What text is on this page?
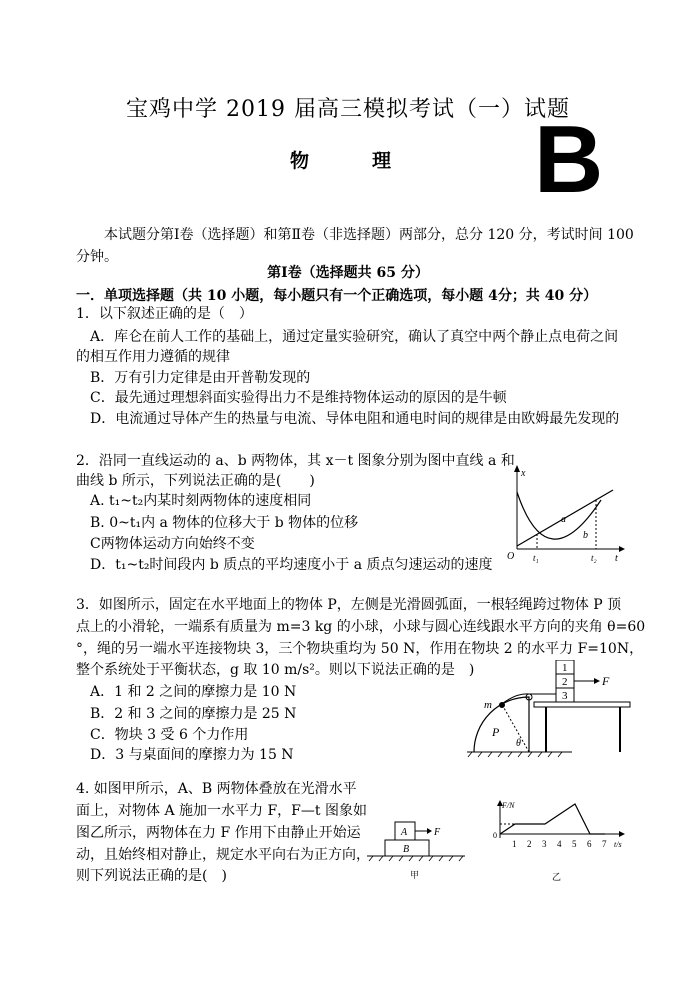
宝鸡中学 2019 届高三模拟考试（一）试题
物　理 B
本试题分第Ⅰ卷（选择题）和第Ⅱ卷（非选择题）两部分，总分 120 分，考试时间 100 分钟。
第Ⅰ卷（选择题共 65 分）
一．单项选择题（共 10 小题，每小题只有一个正确选项，每小题 4分；共 40 分）
1．以下叙述正确的是（　）
A．库仑在前人工作的基础上，通过定量实验研究，确认了真空中两个静止点电荷之间
的相互作用力遵循的规律
B．万有引力定律是由开普勒发现的
C．最先通过理想斜面实验得出力不是维持物体运动的原因的是牛顿
D．电流通过导体产生的热量与电流、导体电阻和通电时间的规律是由欧姆最先发现的
2．沿同一直线运动的 a、b 两物体，其 x－t 图象分别为图中直线 a 和
曲线 b 所示，下列说法正确的是(　　)
A. t₁~t₂内某时刻两物体的速度相同
B. 0~t₁内 a 物体的位移大于 b 物体的位移
C两物体运动方向始终不变
D．t₁~t₂时间段内 b 质点的平均速度小于 a 质点匀速运动的速度
x
t
O t₁	t₂
a
b
3．如图所示，固定在水平地面上的物体 P，左侧是光滑圆弧面，一根轻绳跨过物体 P 顶
点上的小滑轮，一端系有质量为 m=3 kg 的小球，小球与圆心连线跟水平方向的夹角 θ=60
°，绳的另一端水平连接物块 3，三个物块重均为 50 N，作用在物块 2 的水平力 F=10N，
整个系统处于平衡状态，g 取 10 m/s²。则以下说法正确的是　)
A．1 和 2 之间的摩擦力是 10 N
B．2 和 3 之间的摩擦力是 25 N
C．物块 3 受 6 个力作用
D．3 与桌面间的摩擦力为 15 N
1
2
3
F
m
P
θ
4. 如图甲所示，A、B 两物体叠放在光滑水平
面上，对物体 A 施加一水平力 F，F—t 图象如
图乙所示，两物体在力 F 作用下由静止开始运
动，且始终相对静止，规定水平向右为正方向，
则下列说法正确的是(　)
A
B
F
甲
F/N
t/s
0
1 2 3 4 5 6 7
乙
